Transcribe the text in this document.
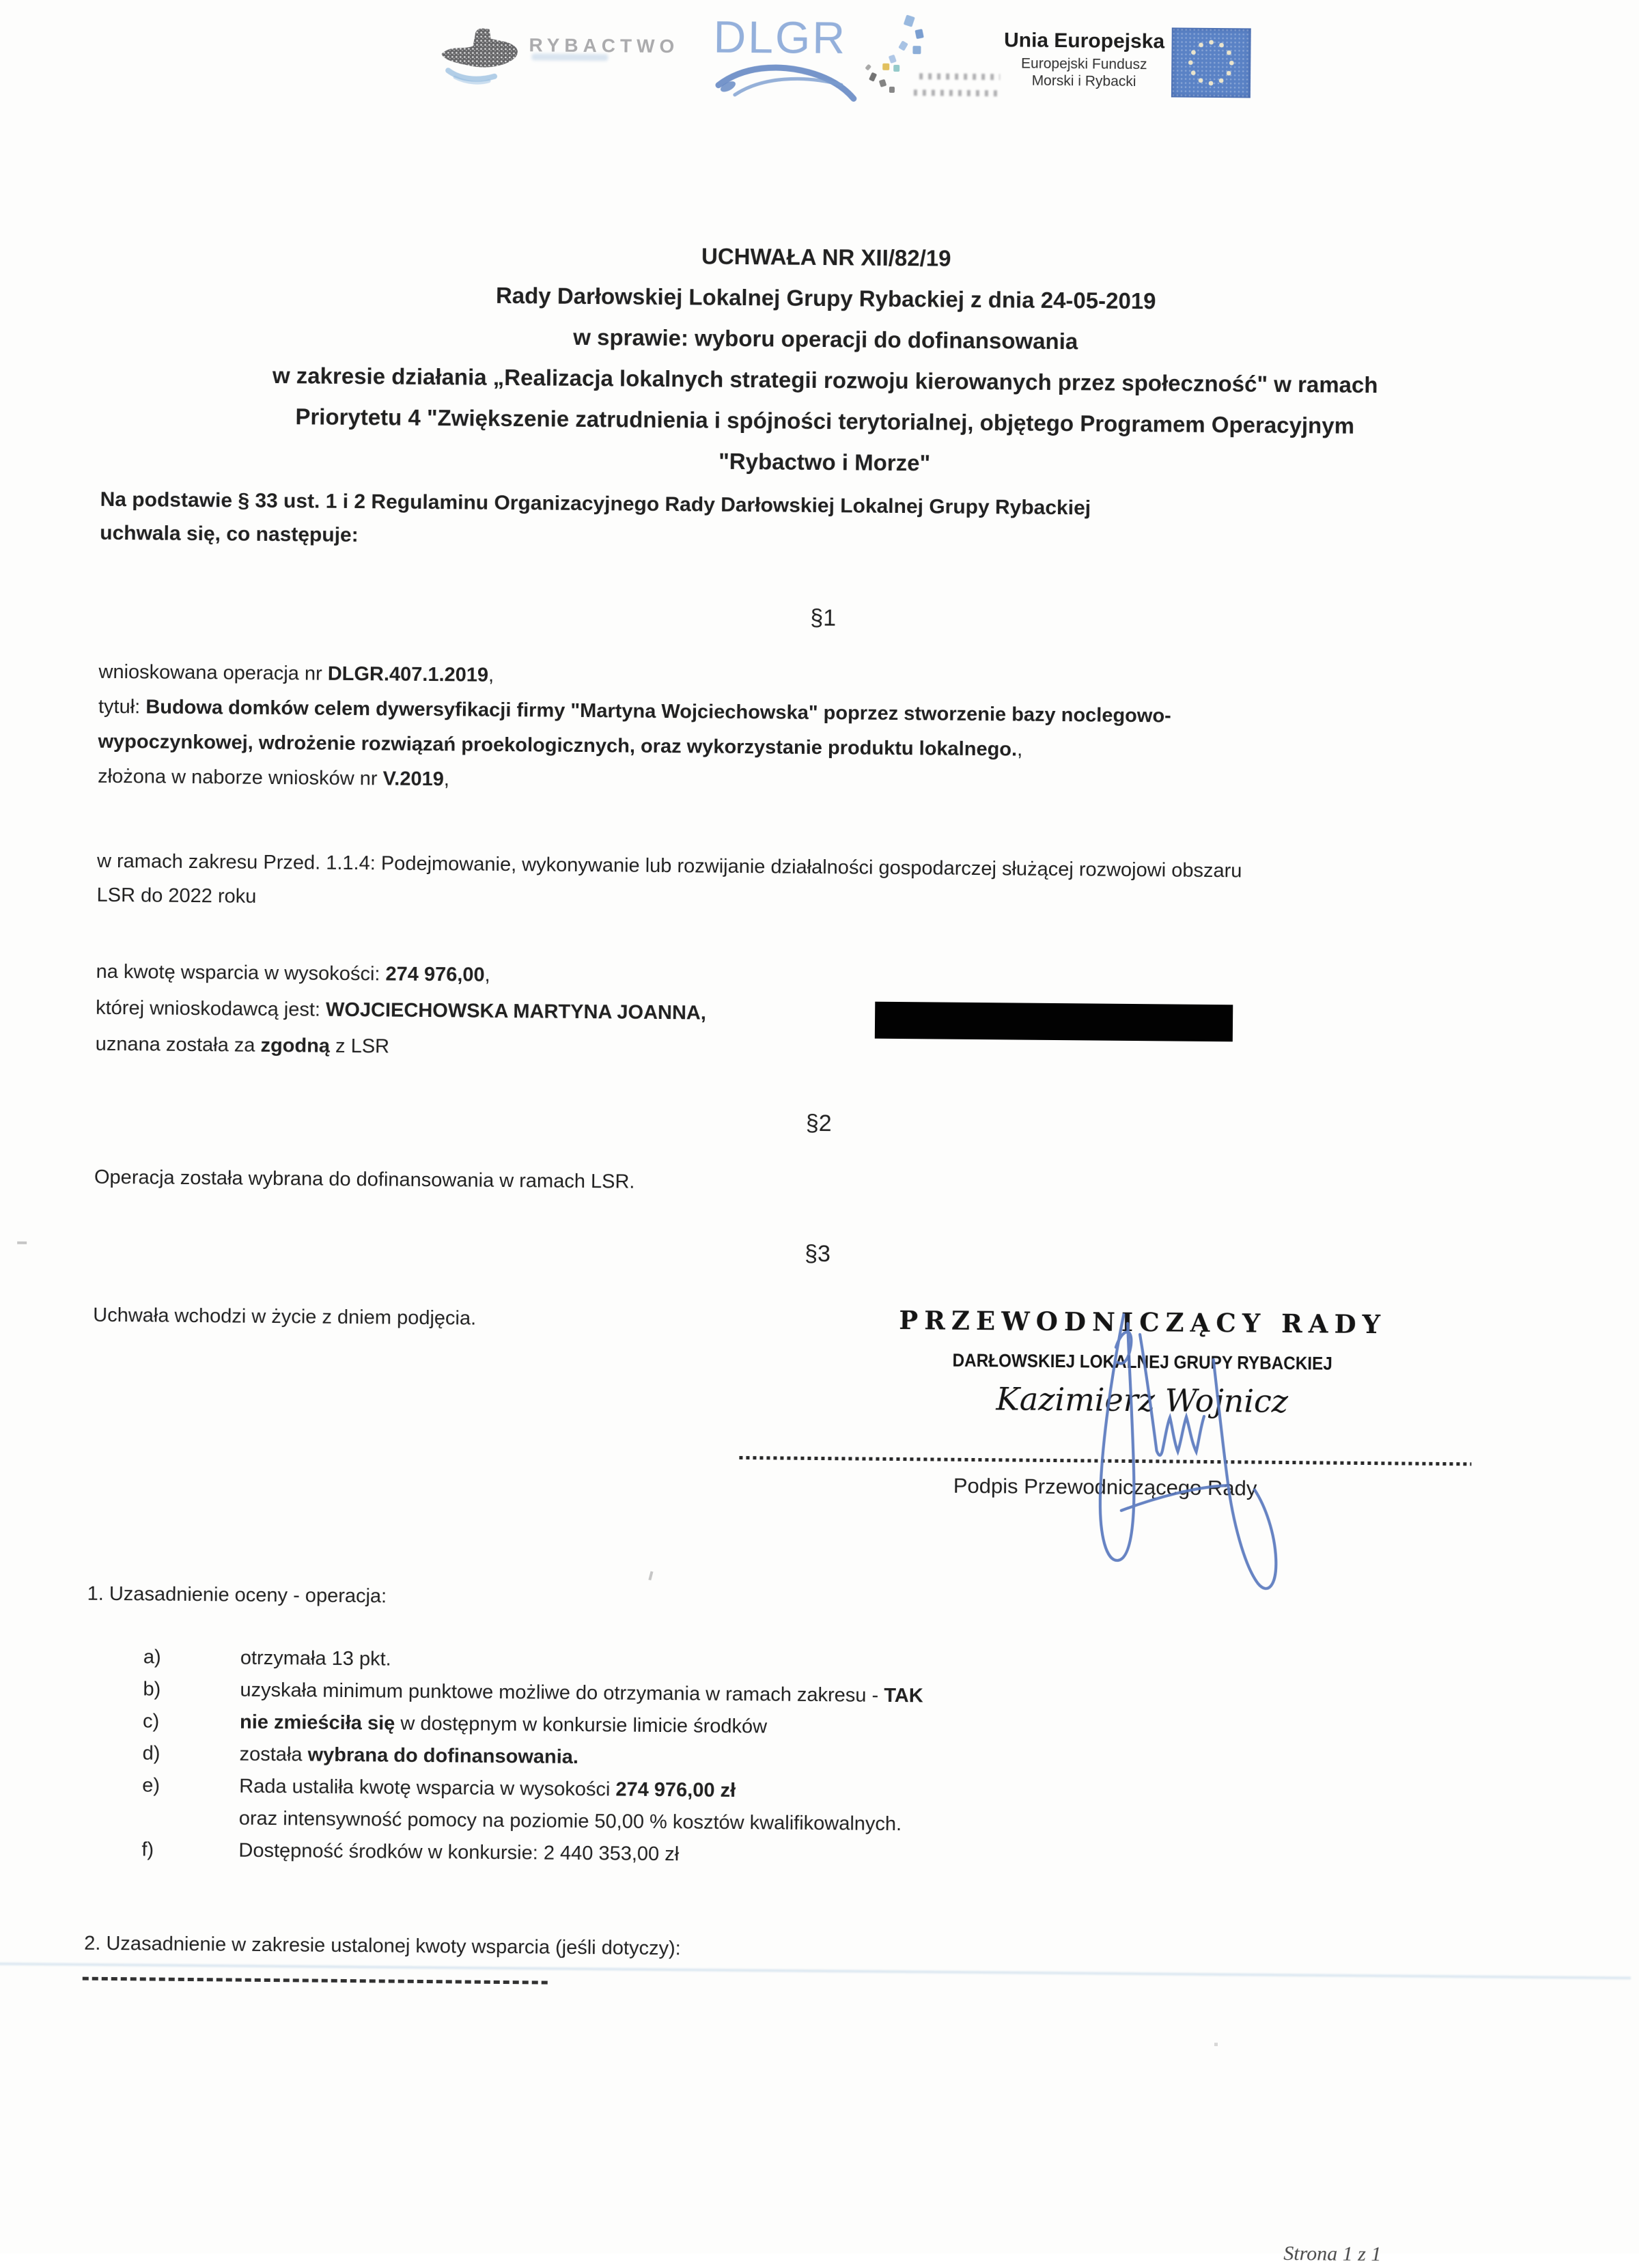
RYBACTWO DLGR	Unia Europejska
Europejski Fundusz
Morski i Rybacki
UCHWAŁA NR XII/82/19
Rady Darłowskiej Lokalnej Grupy Rybackiej z dnia 24-05-2019
w sprawie: wyboru operacji do dofinansowania
w zakresie działania „Realizacja lokalnych strategii rozwoju kierowanych przez społeczność" w ramach
Priorytetu 4 "Zwiększenie zatrudnienia i spójności terytorialnej, objętego Programem Operacyjnym
"Rybactwo i Morze"
Na podstawie § 33 ust. 1 i 2 Regulaminu Organizacyjnego Rady Darłowskiej Lokalnej Grupy Rybackiej
uchwala się, co następuje:
§1
wnioskowana operacja nr DLGR.407.1.2019,
tytuł: Budowa domków celem dywersyfikacji firmy "Martyna Wojciechowska" poprzez stworzenie bazy noclegowo-
wypoczynkowej, wdrożenie rozwiązań proekologicznych, oraz wykorzystanie produktu lokalnego.,
złożona w naborze wniosków nr V.2019,
w ramach zakresu Przed. 1.1.4: Podejmowanie, wykonywanie lub rozwijanie działalności gospodarczej służącej rozwojowi obszaru
LSR do 2022 roku
na kwotę wsparcia w wysokości: 274 976,00,
której wnioskodawcą jest: WOJCIECHOWSKA MARTYNA JOANNA,
uznana została za zgodną z LSR
§2
Operacja została wybrana do dofinansowania w ramach LSR.
§3
Uchwała wchodzi w życie z dniem podjęcia.	PRZEWODNICZĄCY RADY
DARŁOWSKIEJ LOKALNEJ GRUPY RYBACKIEJ
Kazimierz Wojnicz
Podpis Przewodniczącego Rady
1. Uzasadnienie oceny - operacja:
a)	otrzymała 13 pkt.
b)	uzyskała minimum punktowe możliwe do otrzymania w ramach zakresu - TAK
c)	nie zmieściła się w dostępnym w konkursie limicie środków
d)	została wybrana do dofinansowania.
e)	Rada ustaliła kwotę wsparcia w wysokości 274 976,00 zł
oraz intensywność pomocy na poziomie 50,00 % kosztów kwalifikowalnych.
f)	Dostępność środków w konkursie: 2 440 353,00 zł
2. Uzasadnienie w zakresie ustalonej kwoty wsparcia (jeśli dotyczy):
Strona 1 z 1
